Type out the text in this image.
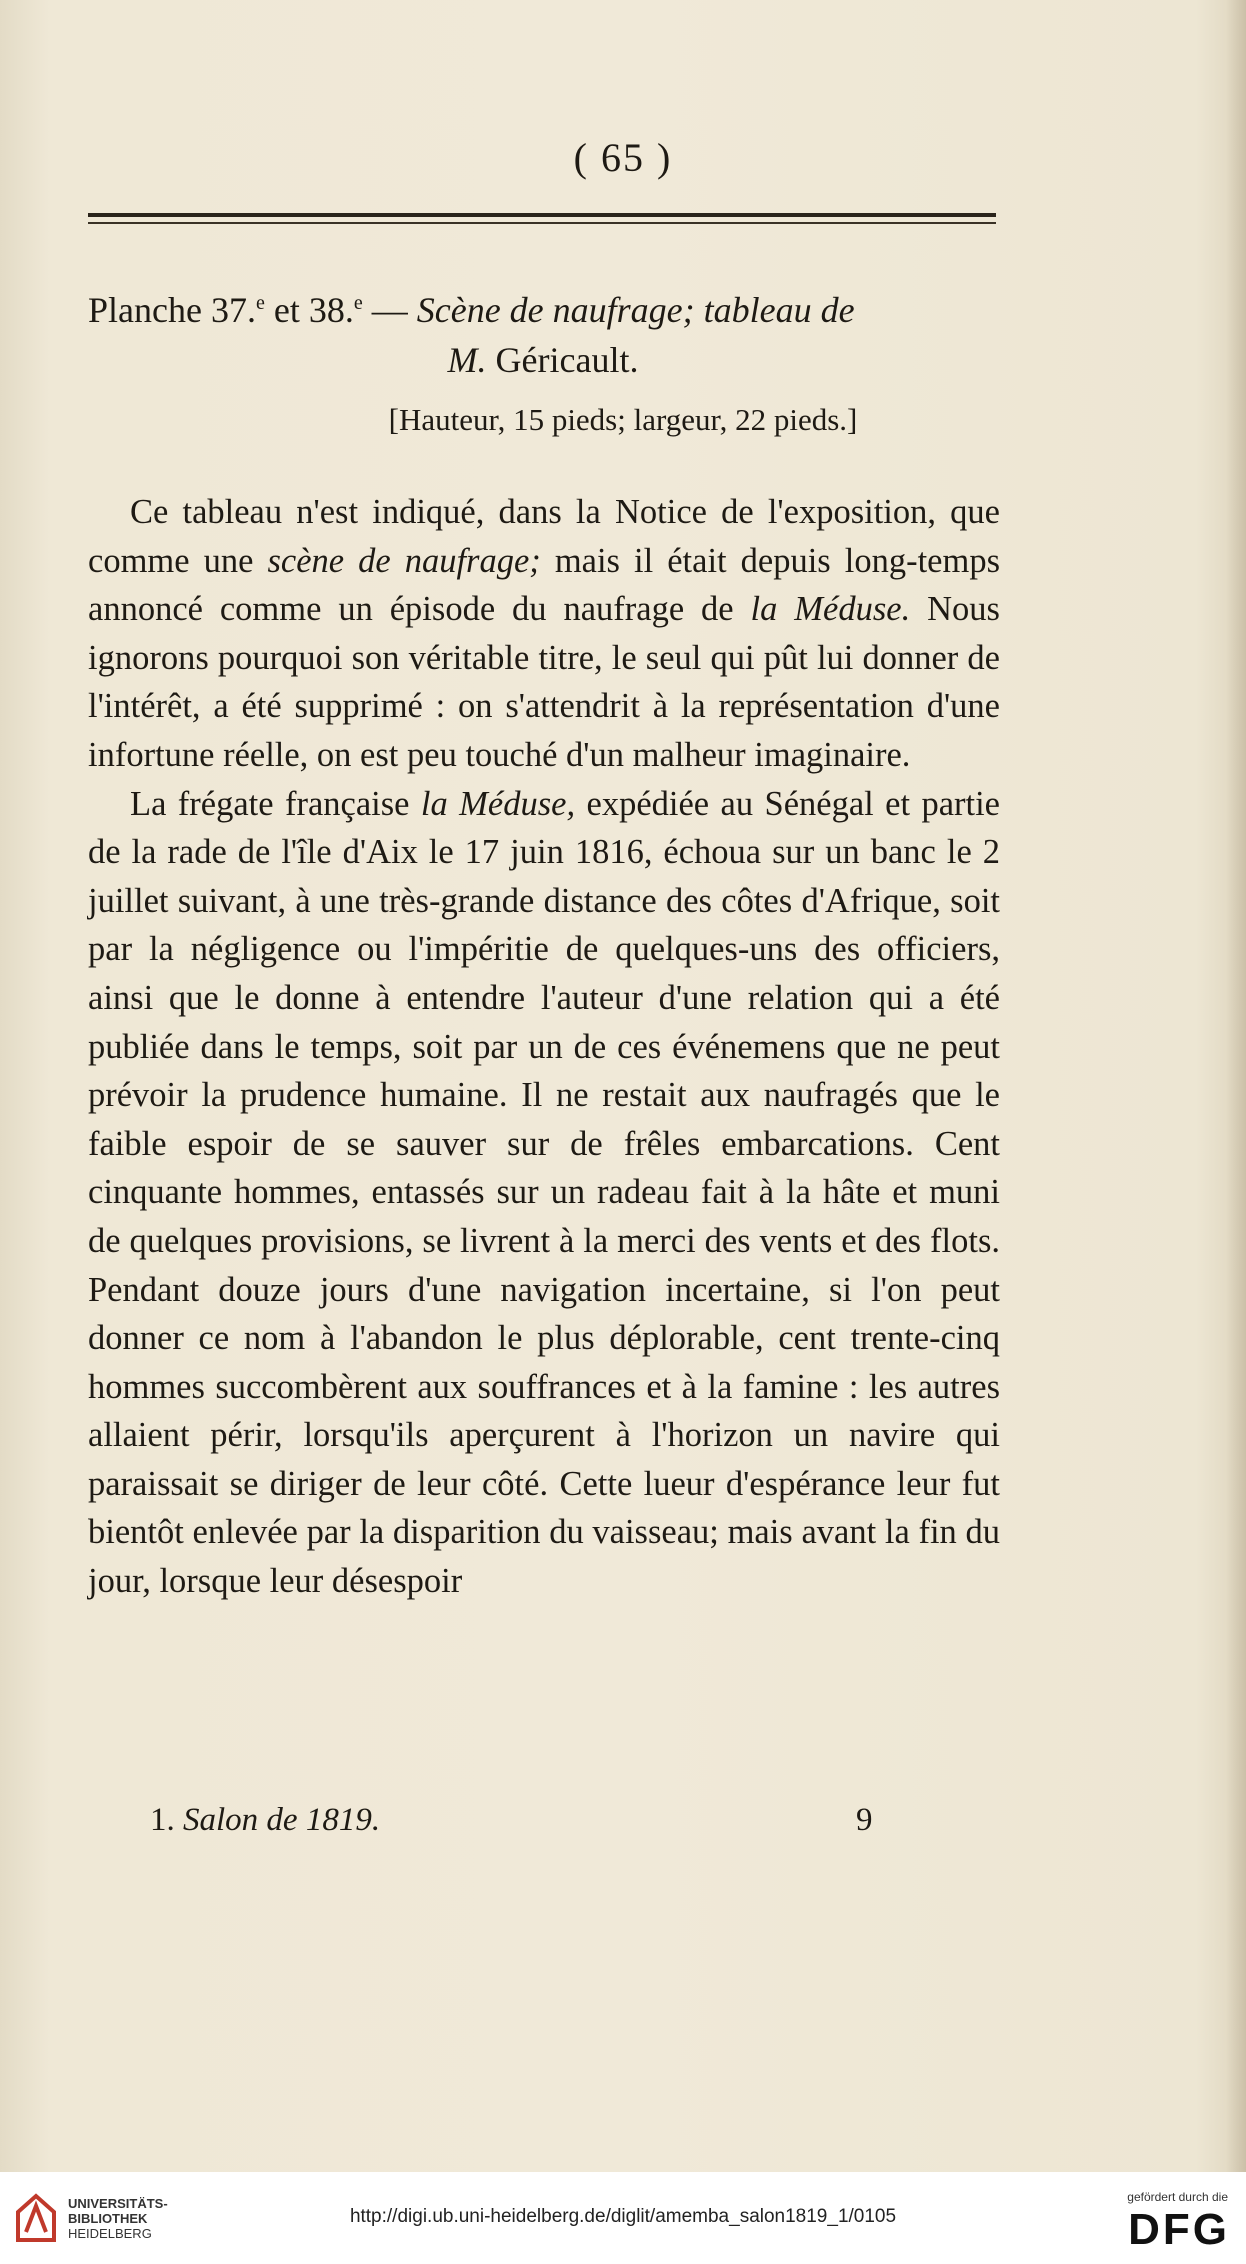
( 65 )
Planche 37.$^e$ et 38.$^e$ — Scène de naufrage; tableau de
M. Géricault.
[Hauteur, 15 pieds; largeur, 22 pieds.]

Ce tableau n'est indiqué, dans la Notice de l'exposition, que comme une scène de naufrage; mais il était depuis long-temps annoncé comme un épisode du naufrage de la Méduse. Nous ignorons pourquoi son véritable titre, le seul qui pût lui donner de l'intérêt, a été supprimé : on s'attendrit à la représentation d'une infortune réelle, on est peu touché d'un malheur imaginaire.

La frégate française la Méduse, expédiée au Sénégal et partie de la rade de l'île d'Aix le 17 juin 1816, échoua sur un banc le 2 juillet suivant, à une très-grande distance des côtes d'Afrique, soit par la négligence ou l'impéritie de quelques-uns des officiers, ainsi que le donne à entendre l'auteur d'une relation qui a été publiée dans le temps, soit par un de ces événemens que ne peut prévoir la prudence humaine. Il ne restait aux naufragés que le faible espoir de se sauver sur de frêles embarcations. Cent cinquante hommes, entassés sur un radeau fait à la hâte et muni de quelques provisions, se livrent à la merci des vents et des flots. Pendant douze jours d'une navigation incertaine, si l'on peut donner ce nom à l'abandon le plus déplorable, cent trente-cinq hommes succombèrent aux souffrances et à la famine : les autres allaient périr, lorsqu'ils aperçurent à l'horizon un navire qui paraissait se diriger de leur côté. Cette lueur d'espérance leur fut bientôt enlevée par la disparition du vaisseau; mais avant la fin du jour, lorsque leur désespoir

1. Salon de 1819.	9
UNIVERSITÄTS-
BIBLIOTHEK
HEIDELBERG
http://digi.ub.uni-heidelberg.de/diglit/amemba_salon1819_1/0105
gefördert durch die
DFG
